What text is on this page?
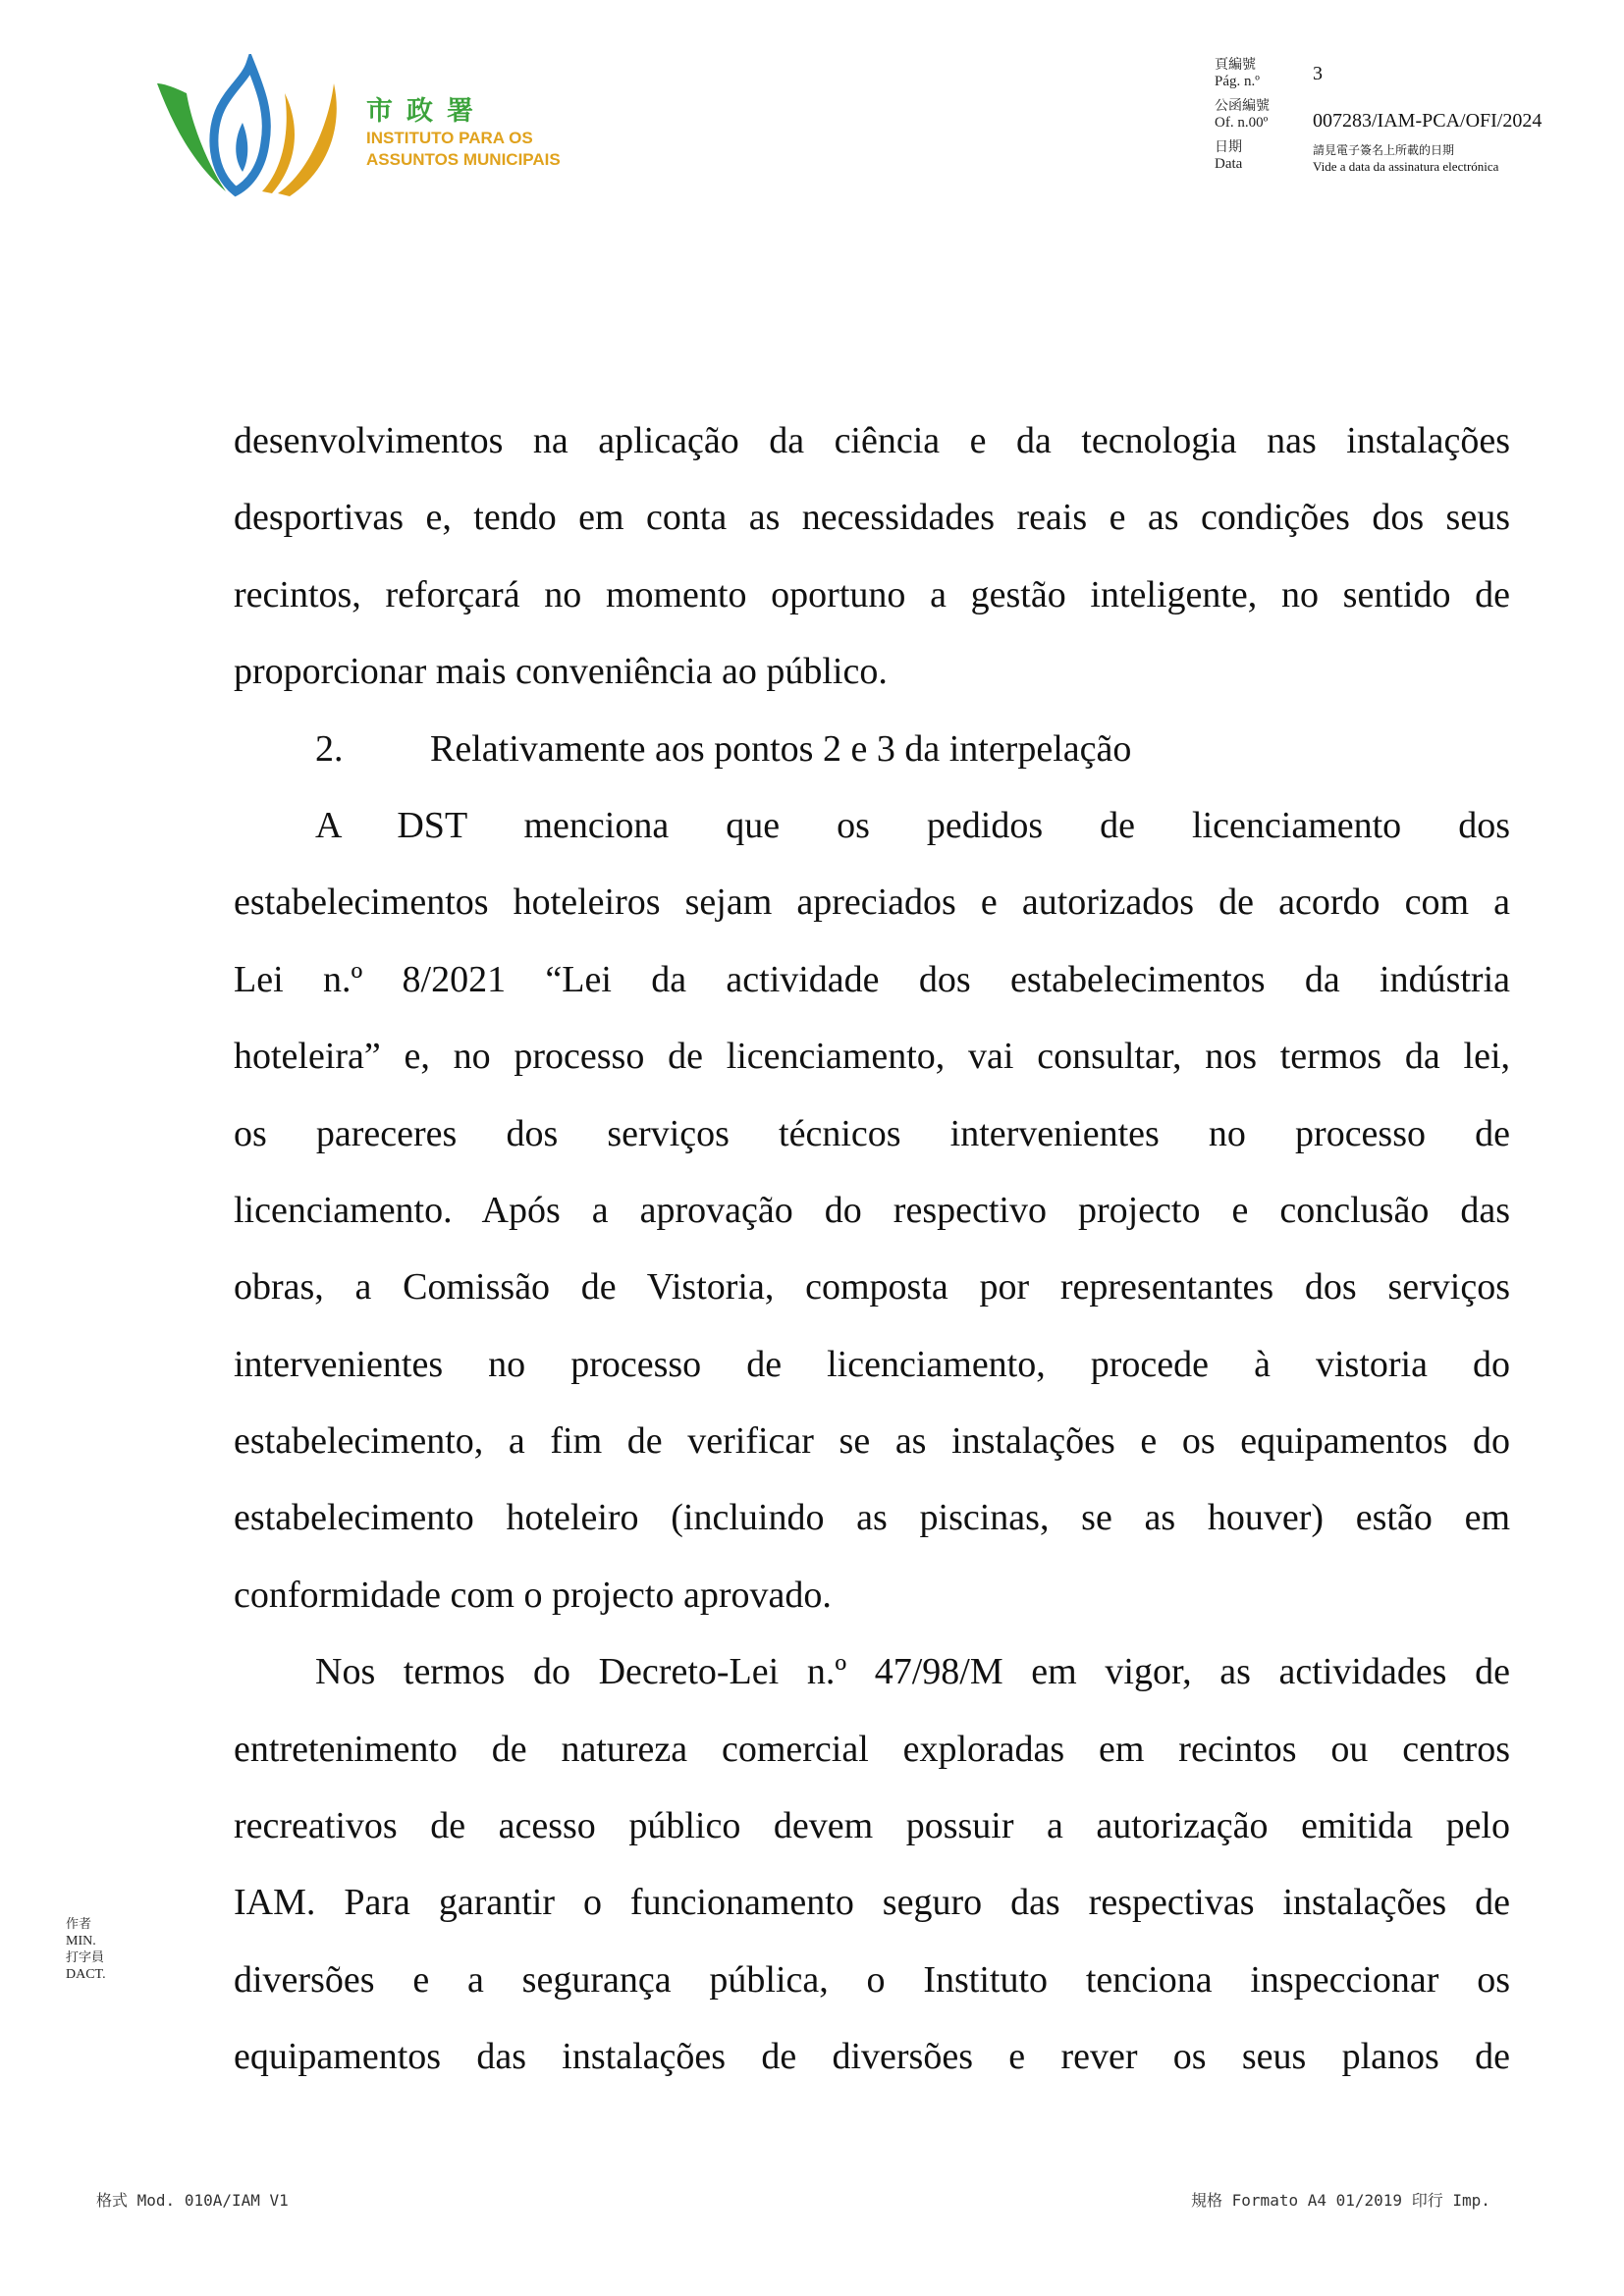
市政署
INSTITUTO PARA OS
ASSUNTOS MUNICIPAIS
頁編號
Pág. n.º	3
公函編號
Of. n.00º	007283/IAM-PCA/OFI/2024
日期
Data
請見電子簽名上所載的日期
Vide a data da assinatura electrónica
desenvolvimentos na aplicação da ciência e da tecnologia nas instalações
desportivas e, tendo em conta as necessidades reais e as condições dos seus
recintos, reforçará no momento oportuno a gestão inteligente, no sentido de
proporcionar mais conveniência ao público.
2. Relativamente aos pontos 2 e 3 da interpelação
A DST menciona que os pedidos de licenciamento dos
estabelecimentos hoteleiros sejam apreciados e autorizados de acordo com a
Lei n.º 8/2021 “Lei da actividade dos estabelecimentos da indústria
hoteleira” e, no processo de licenciamento, vai consultar, nos termos da lei,
os pareceres dos serviços técnicos intervenientes no processo de
licenciamento. Após a aprovação do respectivo projecto e conclusão das
obras, a Comissão de Vistoria, composta por representantes dos serviços
intervenientes no processo de licenciamento, procede à vistoria do
estabelecimento, a fim de verificar se as instalações e os equipamentos do
estabelecimento hoteleiro (incluindo as piscinas, se as houver) estão em
conformidade com o projecto aprovado.
Nos termos do Decreto-Lei n.º 47/98/M em vigor, as actividades de
entretenimento de natureza comercial exploradas em recintos ou centros
recreativos de acesso público devem possuir a autorização emitida pelo
IAM. Para garantir o funcionamento seguro das respectivas instalações de
diversões e a segurança pública, o Instituto tenciona inspeccionar os
equipamentos das instalações de diversões e rever os seus planos de
作者
MIN.
打字員
DACT.
格式 Mod. 010A/IAM V1	規格 Formato A4 01/2019 印行 Imp.
